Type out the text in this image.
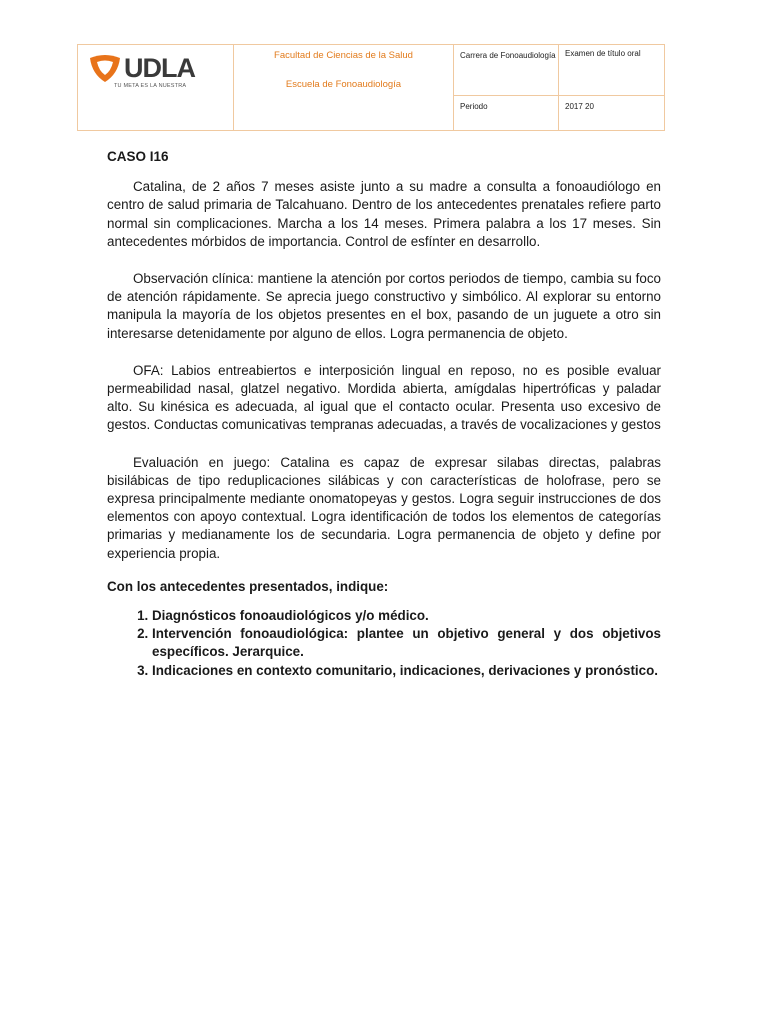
UDLA
TU META ES LA NUESTRA
Facultad de Ciencias de la Salud
Escuela de Fonoaudiología
Carrera de Fonoaudiología	Examen de título oral
Periodo	2017 20
CASO I16

Catalina, de 2 años 7 meses asiste junto a su madre a consulta a fonoaudiólogo en centro de salud primaria de Talcahuano. Dentro de los antecedentes prenatales refiere parto normal sin complicaciones. Marcha a los 14 meses. Primera palabra a los 17 meses. Sin antecedentes mórbidos de importancia. Control de esfínter en desarrollo.

Observación clínica: mantiene la atención por cortos periodos de tiempo, cambia su foco de atención rápidamente. Se aprecia juego constructivo y simbólico. Al explorar su entorno manipula la mayoría de los objetos presentes en el box, pasando de un juguete a otro sin interesarse detenidamente por alguno de ellos. Logra permanencia de objeto.

OFA: Labios entreabiertos e interposición lingual en reposo, no es posible evaluar permeabilidad nasal, glatzel negativo. Mordida abierta, amígdalas hipertróficas y paladar alto. Su kinésica es adecuada, al igual que el contacto ocular. Presenta uso excesivo de gestos. Conductas comunicativas tempranas adecuadas, a través de vocalizaciones y gestos

Evaluación en juego: Catalina es capaz de expresar silabas directas, palabras bisilábicas de tipo reduplicaciones silábicas y con características de holofrase, pero se expresa principalmente mediante onomatopeyas y gestos. Logra seguir instrucciones de dos elementos con apoyo contextual. Logra identificación de todos los elementos de categorías primarias y medianamente los de secundaria. Logra permanencia de objeto y define por experiencia propia.

Con los antecedentes presentados, indique:
1. Diagnósticos fonoaudiológicos y/o médico.
2. Intervención fonoaudiológica: plantee un objetivo general y dos objetivos específicos. Jerarquice.
3. Indicaciones en contexto comunitario, indicaciones, derivaciones y pronóstico.
